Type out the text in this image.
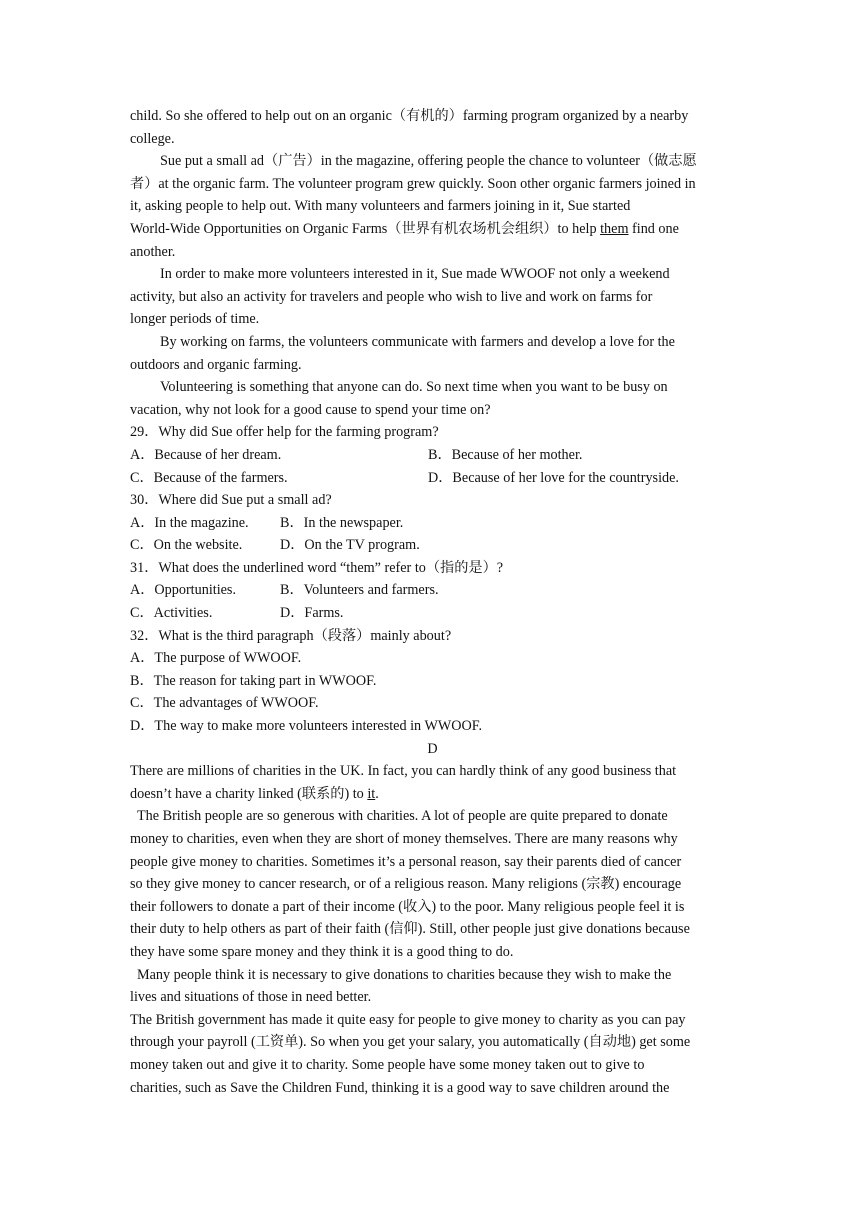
child. So she offered to help out on an organic（有机的）farming program organized by a nearby
college.
Sue put a small ad（广告）in the magazine, offering people the chance to volunteer（做志愿
者）at the organic farm. The volunteer program grew quickly. Soon other organic farmers joined in
it, asking people to help out. With many volunteers and farmers joining in it, Sue started
World-Wide Opportunities on Organic Farms（世界有机农场机会组织）to help them find one
another.
In order to make more volunteers interested in it, Sue made WWOOF not only a weekend
activity, but also an activity for travelers and people who wish to live and work on farms for
longer periods of time.
By working on farms, the volunteers communicate with farmers and develop a love for the
outdoors and organic farming.
Volunteering is something that anyone can do. So next time when you want to be busy on
vacation, why not look for a good cause to spend your time on?
29．Why did Sue offer help for the farming program?
A．Because of her dream.	B．Because of her mother.
C．Because of the farmers.	D．Because of her love for the countryside.
30．Where did Sue put a small ad?
A．In the magazine. B．In the newspaper.
C．On the website.	D．On the TV program.
31．What does the underlined word “them” refer to（指的是）?
A．Opportunities.	B．Volunteers and farmers.
C．Activities.	D．Farms.
32．What is the third paragraph（段落）mainly about?
A．The purpose of WWOOF.
B．The reason for taking part in WWOOF.
C．The advantages of WWOOF.
D．The way to make more volunteers interested in WWOOF.
D
There are millions of charities in the UK. In fact, you can hardly think of any good business that
doesn’t have a charity linked (联系的) to it.
The British people are so generous with charities. A lot of people are quite prepared to donate
money to charities, even when they are short of money themselves. There are many reasons why
people give money to charities. Sometimes it’s a personal reason, say their parents died of cancer
so they give money to cancer research, or of a religious reason. Many religions (宗教) encourage
their followers to donate a part of their income (收入) to the poor. Many religious people feel it is
their duty to help others as part of their faith (信仰). Still, other people just give donations because
they have some spare money and they think it is a good thing to do.
Many people think it is necessary to give donations to charities because they wish to make the
lives and situations of those in need better.
The British government has made it quite easy for people to give money to charity as you can pay
through your payroll (工资单). So when you get your salary, you automatically (自动地) get some
money taken out and give it to charity. Some people have some money taken out to give to
charities, such as Save the Children Fund, thinking it is a good way to save children around the
